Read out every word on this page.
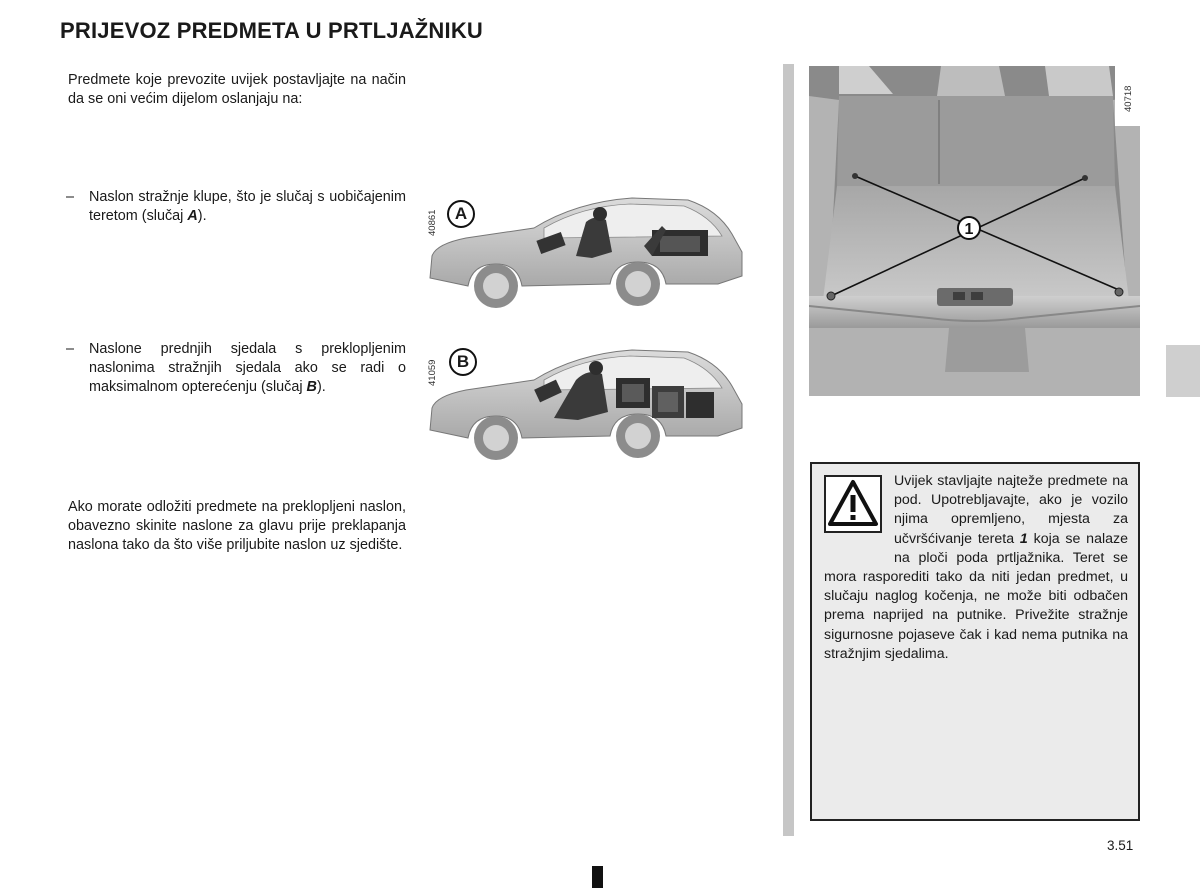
PRIJEVOZ PREDMETA U PRTLJAŽNIKU

Predmete koje prevozite uvijek postavljajte na način da se oni većim dijelom oslanjaju na:

– Naslon stražnje klupe, što je slučaj s uobičajenim teretom (slučaj A).
– Naslone prednjih sjedala s preklopljenim naslonima stražnjih sjedala ako se radi o maksimalnom opterećenju (slučaj B).

Ako morate odložiti predmete na preklopljeni naslon, obavezno skinite naslone za glavu prije preklapanja naslona tako da što više priljubite naslon uz sjedište.

40861 A
41059	B
1
40718

Uvijek stavljajte najteže predmete na pod. Upotrebljavajte, ako je vozilo njima opremljeno, mjesta za učvršćivanje tereta 1 koja se nalaze na ploči poda prtljažnika. Teret se mora rasporediti tako da niti jedan predmet, u slučaju naglog kočenja, ne može biti odbačen prema naprijed na putnike. Privežite stražnje sigurnosne pojaseve čak i kad nema putnika na stražnjim sjedalima.

3.51
